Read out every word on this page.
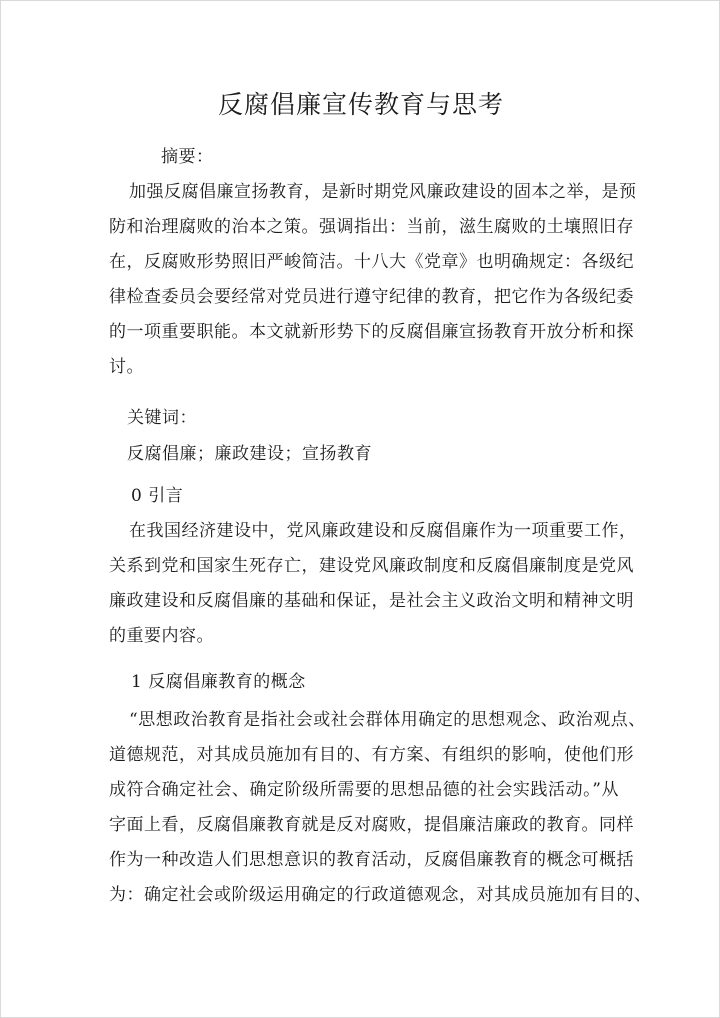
反腐倡廉宣传教育与思考
摘要：
加强反腐倡廉宣扬教育，是新时期党风廉政建设的固本之举，是预
防和治理腐败的治本之策。强调指出：当前，滋生腐败的土壤照旧存
在，反腐败形势照旧严峻简洁。十八大《党章》也明确规定：各级纪
律检查委员会要经常对党员进行遵守纪律的教育，把它作为各级纪委
的一项重要职能。本文就新形势下的反腐倡廉宣扬教育开放分析和探
讨。
关键词：
反腐倡廉；廉政建设；宣扬教育
0 引言
在我国经济建设中，党风廉政建设和反腐倡廉作为一项重要工作，
关系到党和国家生死存亡，建设党风廉政制度和反腐倡廉制度是党风
廉政建设和反腐倡廉的基础和保证，是社会主义政治文明和精神文明
的重要内容。
1 反腐倡廉教育的概念
“思想政治教育是指社会或社会群体用确定的思想观念、政治观点、
道德规范，对其成员施加有目的、有方案、有组织的影响，使他们形
成符合确定社会、确定阶级所需要的思想品德的社会实践活动。”从
字面上看，反腐倡廉教育就是反对腐败，提倡廉洁廉政的教育。同样
作为一种改造人们思想意识的教育活动，反腐倡廉教育的概念可概括
为：确定社会或阶级运用确定的行政道德观念，对其成员施加有目的、
